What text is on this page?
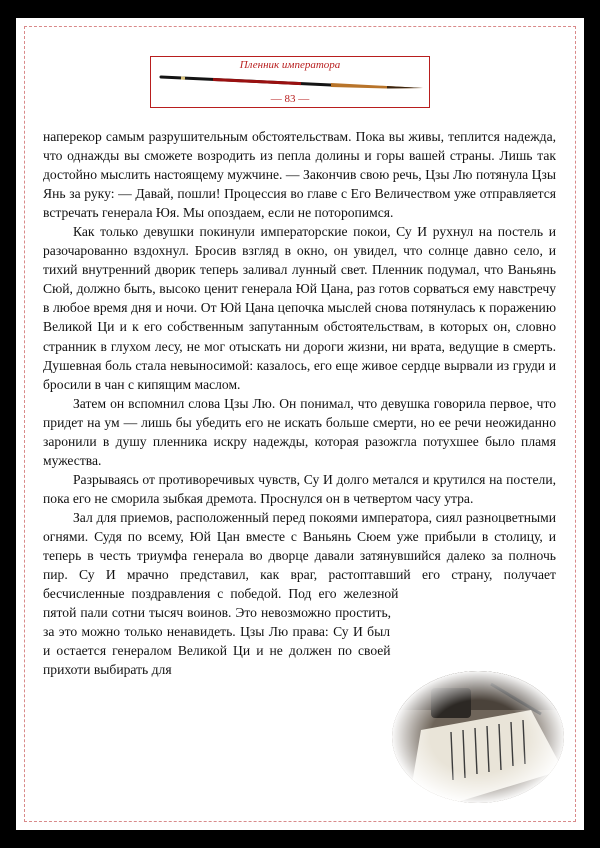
Пленник императора
— 83 —

наперекор самым разрушительным обстоятельствам. Пока вы живы, теплится надежда, что однажды вы сможете возродить из пепла долины и горы вашей страны. Лишь так достойно мыслить настоящему мужчине. — Закончив свою речь, Цзы Лю потянула Цзы Янь за руку: — Давай, пошли! Процессия во главе с Его Величеством уже отправляется встречать генерала Юя. Мы опоздаем, если не поторопимся.

Как только девушки покинули императорские покои, Су И рухнул на постель и разочарованно вздохнул. Бросив взгляд в окно, он увидел, что солнце давно село, и тихий внутренний дворик теперь заливал лунный свет. Пленник подумал, что Ваньянь Сюй, должно быть, высоко ценит генерала Юй Цана, раз готов сорваться ему навстречу в любое время дня и ночи. От Юй Цана цепочка мыслей снова потянулась к поражению Великой Ци и к его собственным запутанным обстоятельствам, в которых он, словно странник в глухом лесу, не мог отыскать ни дороги жизни, ни врата, ведущие в смерть. Душевная боль стала невыносимой: казалось, его еще живое сердце вырвали из груди и бросили в чан с кипящим маслом.

Затем он вспомнил слова Цзы Лю. Он понимал, что девушка говорила первое, что придет на ум — лишь бы убедить его не искать больше смерти, но ее речи неожиданно заронили в душу пленника искру надежды, которая разожгла потухшее было пламя мужества.

Разрываясь от противоречивых чувств, Су И долго метался и крутился на постели, пока его не сморила зыбкая дремота. Проснулся он в четвертом часу утра.

Зал для приемов, расположенный перед покоями императора, сиял разноцветными огнями. Судя по всему, Юй Цан вместе с Ваньянь Сюем уже прибыли в столицу, и теперь в честь триумфа генерала во дворце давали затянувшийся далеко за полночь пир. Су И мрачно представил, как враг,
растоптавший его страну, получает бесчисленные поздравления с победой. Под его железной пятой пали сотни тысяч воинов. Это невозможно простить, за это можно только ненавидеть. Цзы Лю права: Су И был и остается генералом Великой Ци и не должен по своей прихоти выбирать для
